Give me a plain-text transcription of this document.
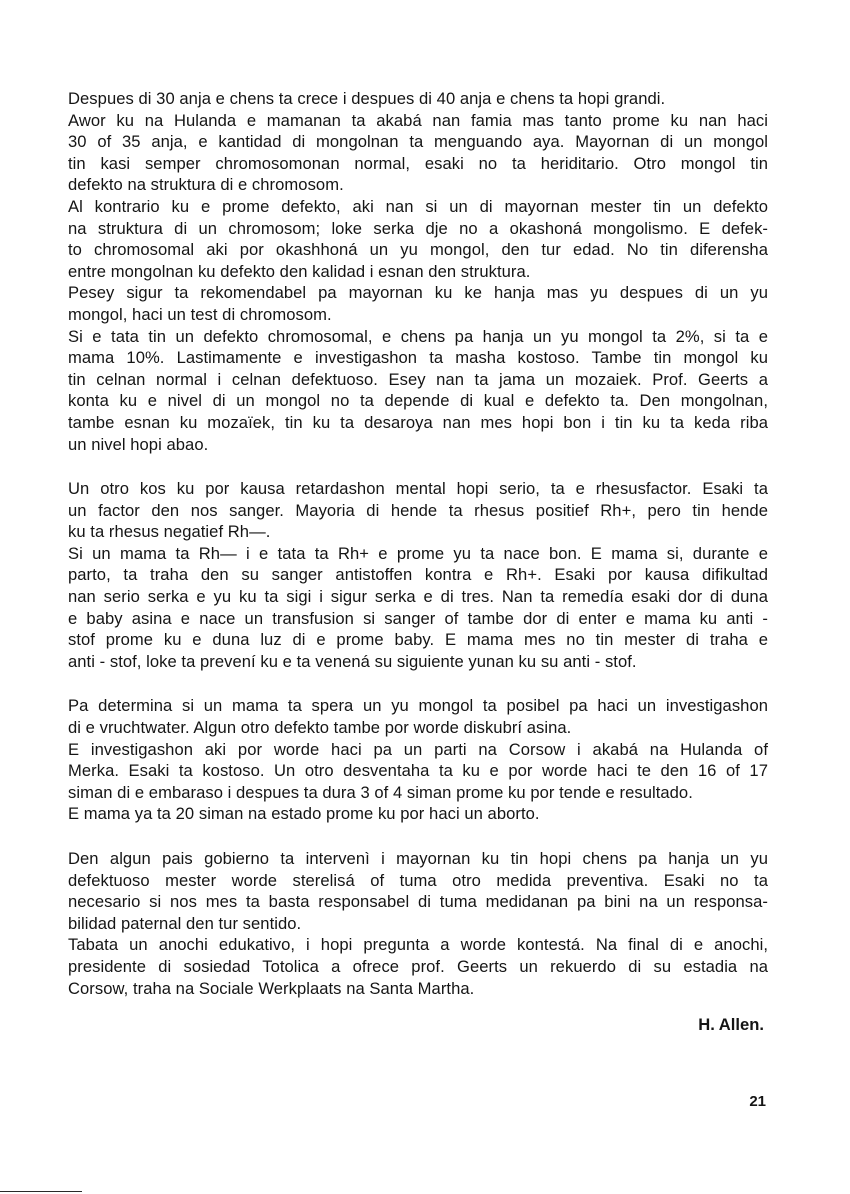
Despues di 30 anja e chens ta crece i despues di 40 anja e chens ta hopi grandi.
Awor ku na Hulanda e mamanan ta akabá nan famia mas tanto prome ku nan haci
30 of 35 anja, e kantidad di mongolnan ta menguando aya. Mayornan di un mongol
tin kasi semper chromosomonan normal, esaki no ta heriditario. Otro mongol tin
defekto na struktura di e chromosom.
Al kontrario ku e prome defekto, aki nan si un di mayornan mester tin un defekto
na struktura di un chromosom; loke serka dje no a okashoná mongolismo. E defek-
to chromosomal aki por okashhoná un yu mongol, den tur edad. No tin diferensha
entre mongolnan ku defekto den kalidad i esnan den struktura.
Pesey sigur ta rekomendabel pa mayornan ku ke hanja mas yu despues di un yu
mongol, haci un test di chromosom.
Si e tata tin un defekto chromosomal, e chens pa hanja un yu mongol ta 2%, si ta e
mama 10%. Lastimamente e investigashon ta masha kostoso. Tambe tin mongol ku
tin celnan normal i celnan defektuoso. Esey nan ta jama un mozaiek. Prof. Geerts a
konta ku e nivel di un mongol no ta depende di kual e defekto ta. Den mongolnan,
tambe esnan ku mozaïek, tin ku ta desaroya nan mes hopi bon i tin ku ta keda riba
un nivel hopi abao.
Un otro kos ku por kausa retardashon mental hopi serio, ta e rhesusfactor. Esaki ta
un factor den nos sanger. Mayoria di hende ta rhesus positief Rh+, pero tin hende
ku ta rhesus negatief Rh—.
Si un mama ta Rh— i e tata ta Rh+ e prome yu ta nace bon. E mama si, durante e
parto, ta traha den su sanger antistoffen kontra e Rh+. Esaki por kausa difikultad
nan serio serka e yu ku ta sigi i sigur serka e di tres. Nan ta remedía esaki dor di duna
e baby asina e nace un transfusion si sanger of tambe dor di enter e mama ku anti -
stof prome ku e duna luz di e prome baby. E mama mes no tin mester di traha e
anti - stof, loke ta prevení ku e ta venená su siguiente yunan ku su anti - stof.
Pa determina si un mama ta spera un yu mongol ta posibel pa haci un investigashon
di e vruchtwater. Algun otro defekto tambe por worde diskubrí asina.
E investigashon aki por worde haci pa un parti na Corsow i akabá na Hulanda of
Merka. Esaki ta kostoso. Un otro desventaha ta ku e por worde haci te den 16 of 17
siman di e embaraso i despues ta dura 3 of 4 siman prome ku por tende e resultado.
E mama ya ta 20 siman na estado prome ku por haci un aborto.
Den algun pais gobierno ta intervenì i mayornan ku tin hopi chens pa hanja un yu
defektuoso mester worde sterelisá of tuma otro medida preventiva. Esaki no ta
necesario si nos mes ta basta responsabel di tuma medidanan pa bini na un responsa-
bilidad paternal den tur sentido.
Tabata un anochi edukativo, i hopi pregunta a worde kontestá. Na final di e anochi,
presidente di sosiedad Totolica a ofrece prof. Geerts un rekuerdo di su estadia na
Corsow, traha na Sociale Werkplaats na Santa Martha.
H. Allen.
21
